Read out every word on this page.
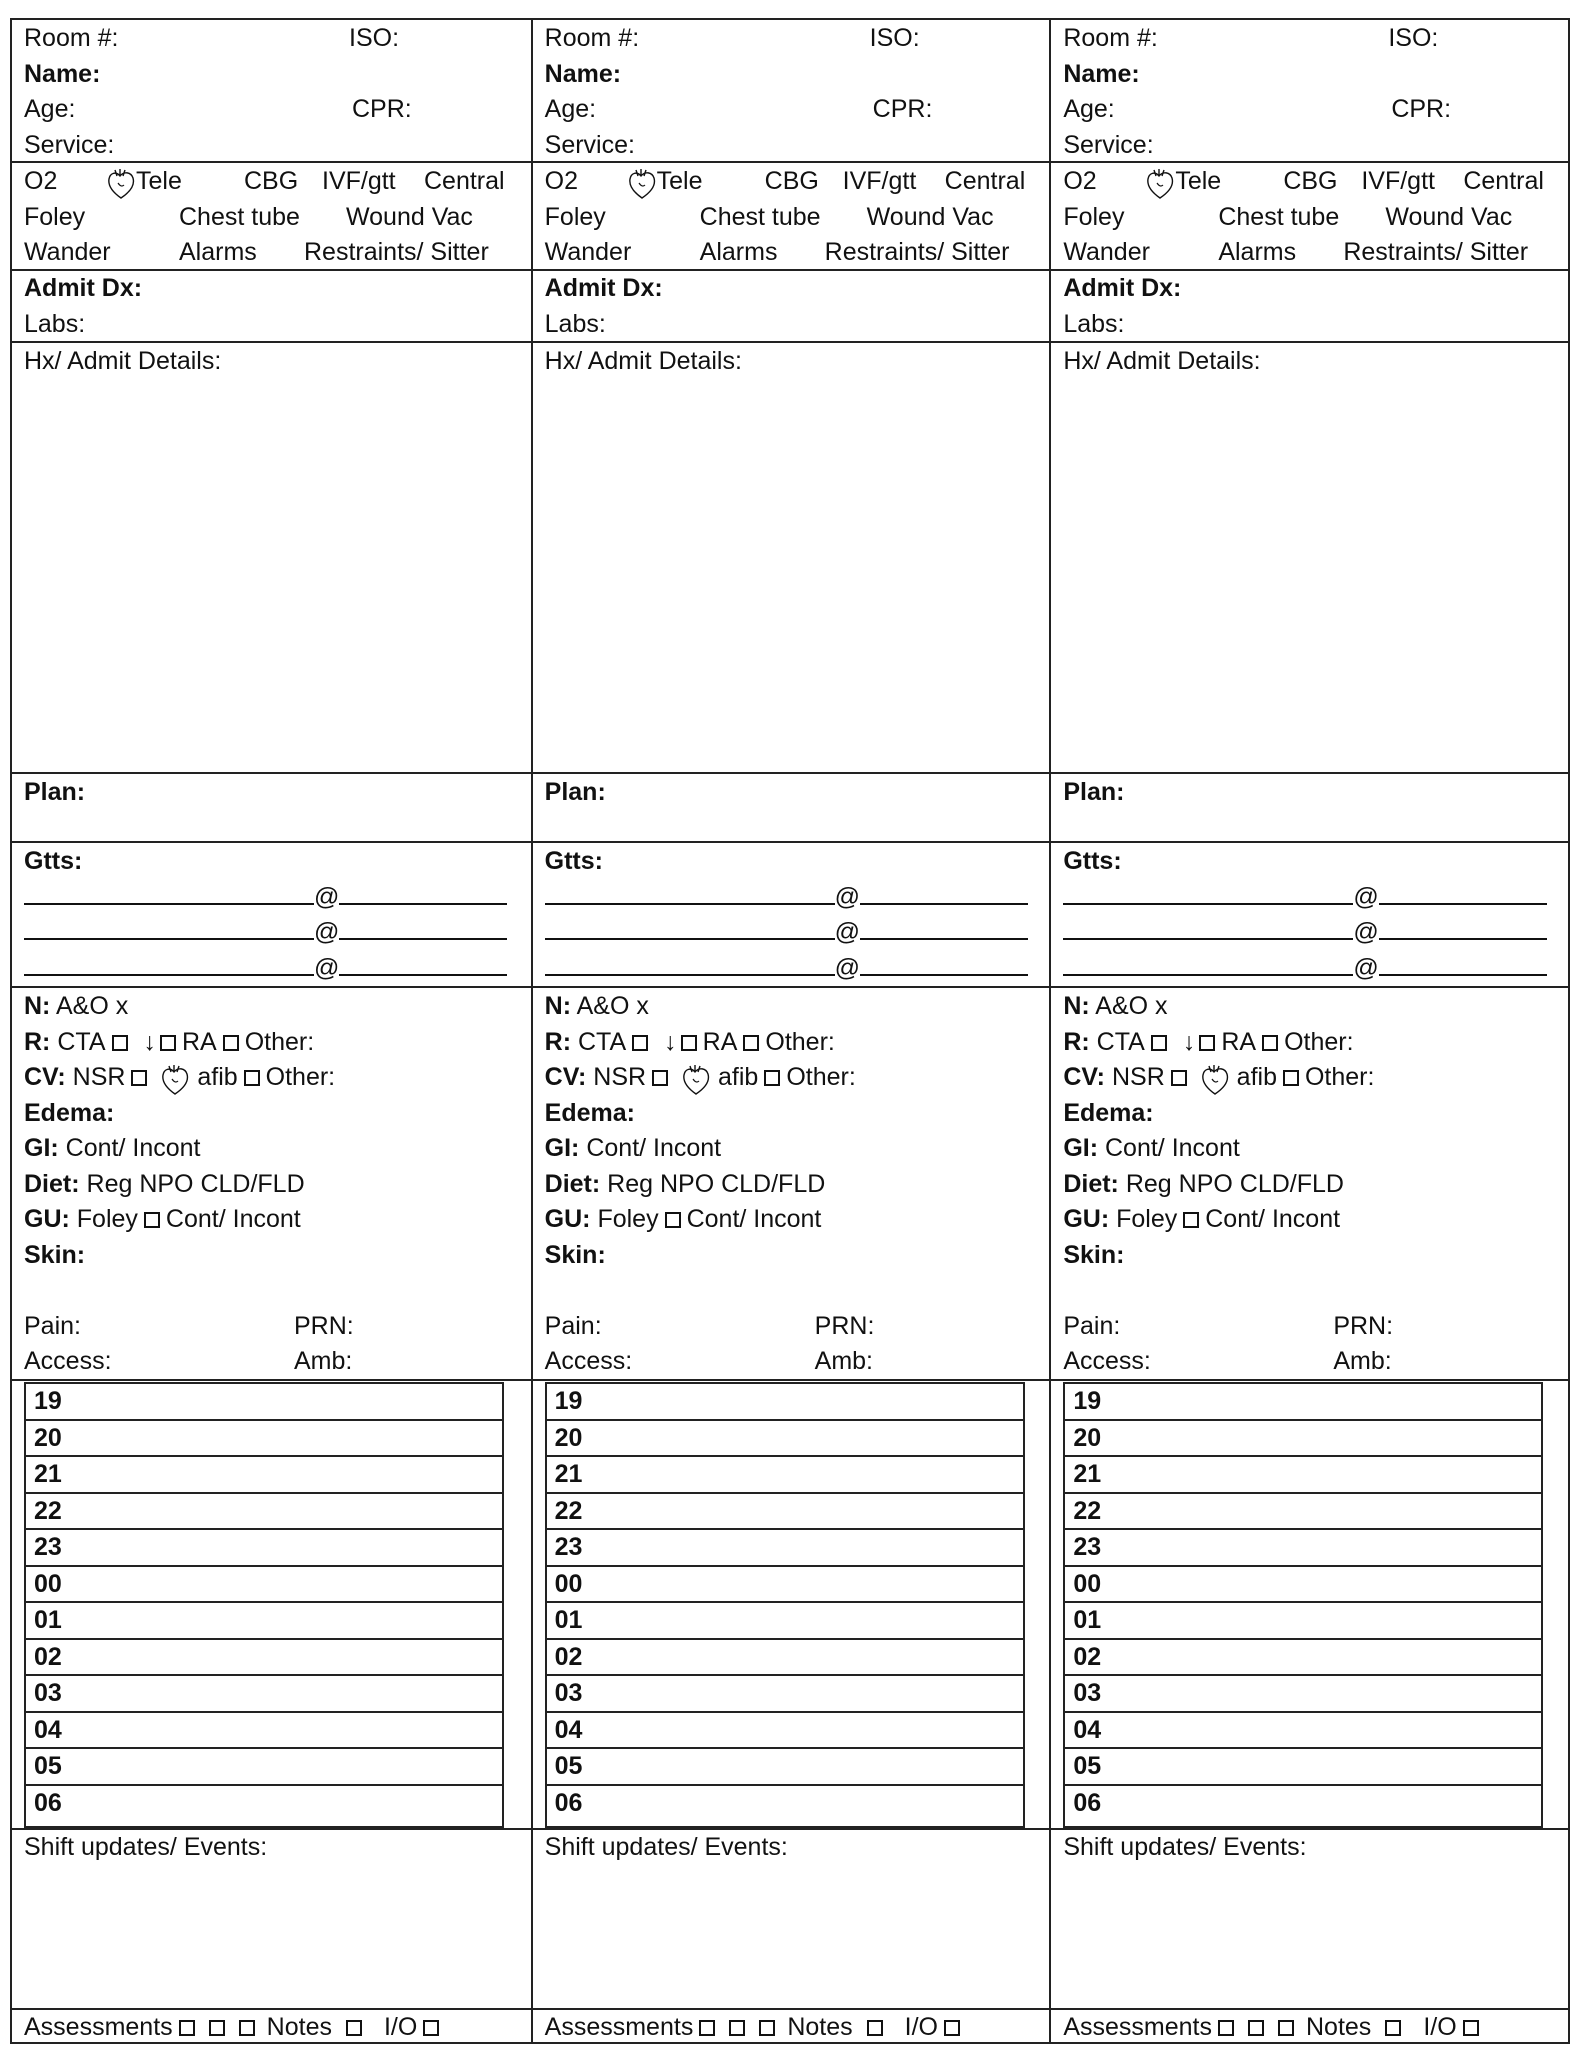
Room #:	ISO:
Name:
Age:	CPR:
Service:
O2	Tele CBG IVF/gtt Central
Foley	Chest tube Wound Vac
Wander	Alarms Restraints/ Sitter
Admit Dx:
Labs:
Hx/ Admit Details:
Plan:
Gtts:
@
@
@
N: A&O x
R: CTA ↓ RA Other:
CV: NSR	afib Other:
Edema:
GI: Cont/ Incont
Diet: Reg NPO CLD/FLD
GU: Foley Cont/ Incont
Skin:
Pain:	PRN:
Access:	Amb:
19
20
21
22
23
00
01
02
03
04
05
06
Shift updates/ Events:
Assessments	Notes I/O
Room #:	ISO:
Name:
Age:	CPR:
Service:
O2	Tele CBG IVF/gtt Central
Foley	Chest tube Wound Vac
Wander	Alarms Restraints/ Sitter
Admit Dx:
Labs:
Hx/ Admit Details:
Plan:
Gtts:
@
@
@
N: A&O x
R: CTA ↓ RA Other:
CV: NSR	afib Other:
Edema:
GI: Cont/ Incont
Diet: Reg NPO CLD/FLD
GU: Foley Cont/ Incont
Skin:
Pain:	PRN:
Access:	Amb:
19
20
21
22
23
00
01
02
03
04
05
06
Shift updates/ Events:
Assessments	Notes I/O
Room #:	ISO:
Name:
Age:	CPR:
Service:
O2	Tele CBG IVF/gtt Central
Foley	Chest tube Wound Vac
Wander	Alarms Restraints/ Sitter
Admit Dx:
Labs:
Hx/ Admit Details:
Plan:
Gtts:
@
@
@
N: A&O x
R: CTA ↓ RA Other:
CV: NSR	afib Other:
Edema:
GI: Cont/ Incont
Diet: Reg NPO CLD/FLD
GU: Foley Cont/ Incont
Skin:
Pain:	PRN:
Access:	Amb:
19
20
21
22
23
00
01
02
03
04
05
06
Shift updates/ Events:
Assessments	Notes I/O
